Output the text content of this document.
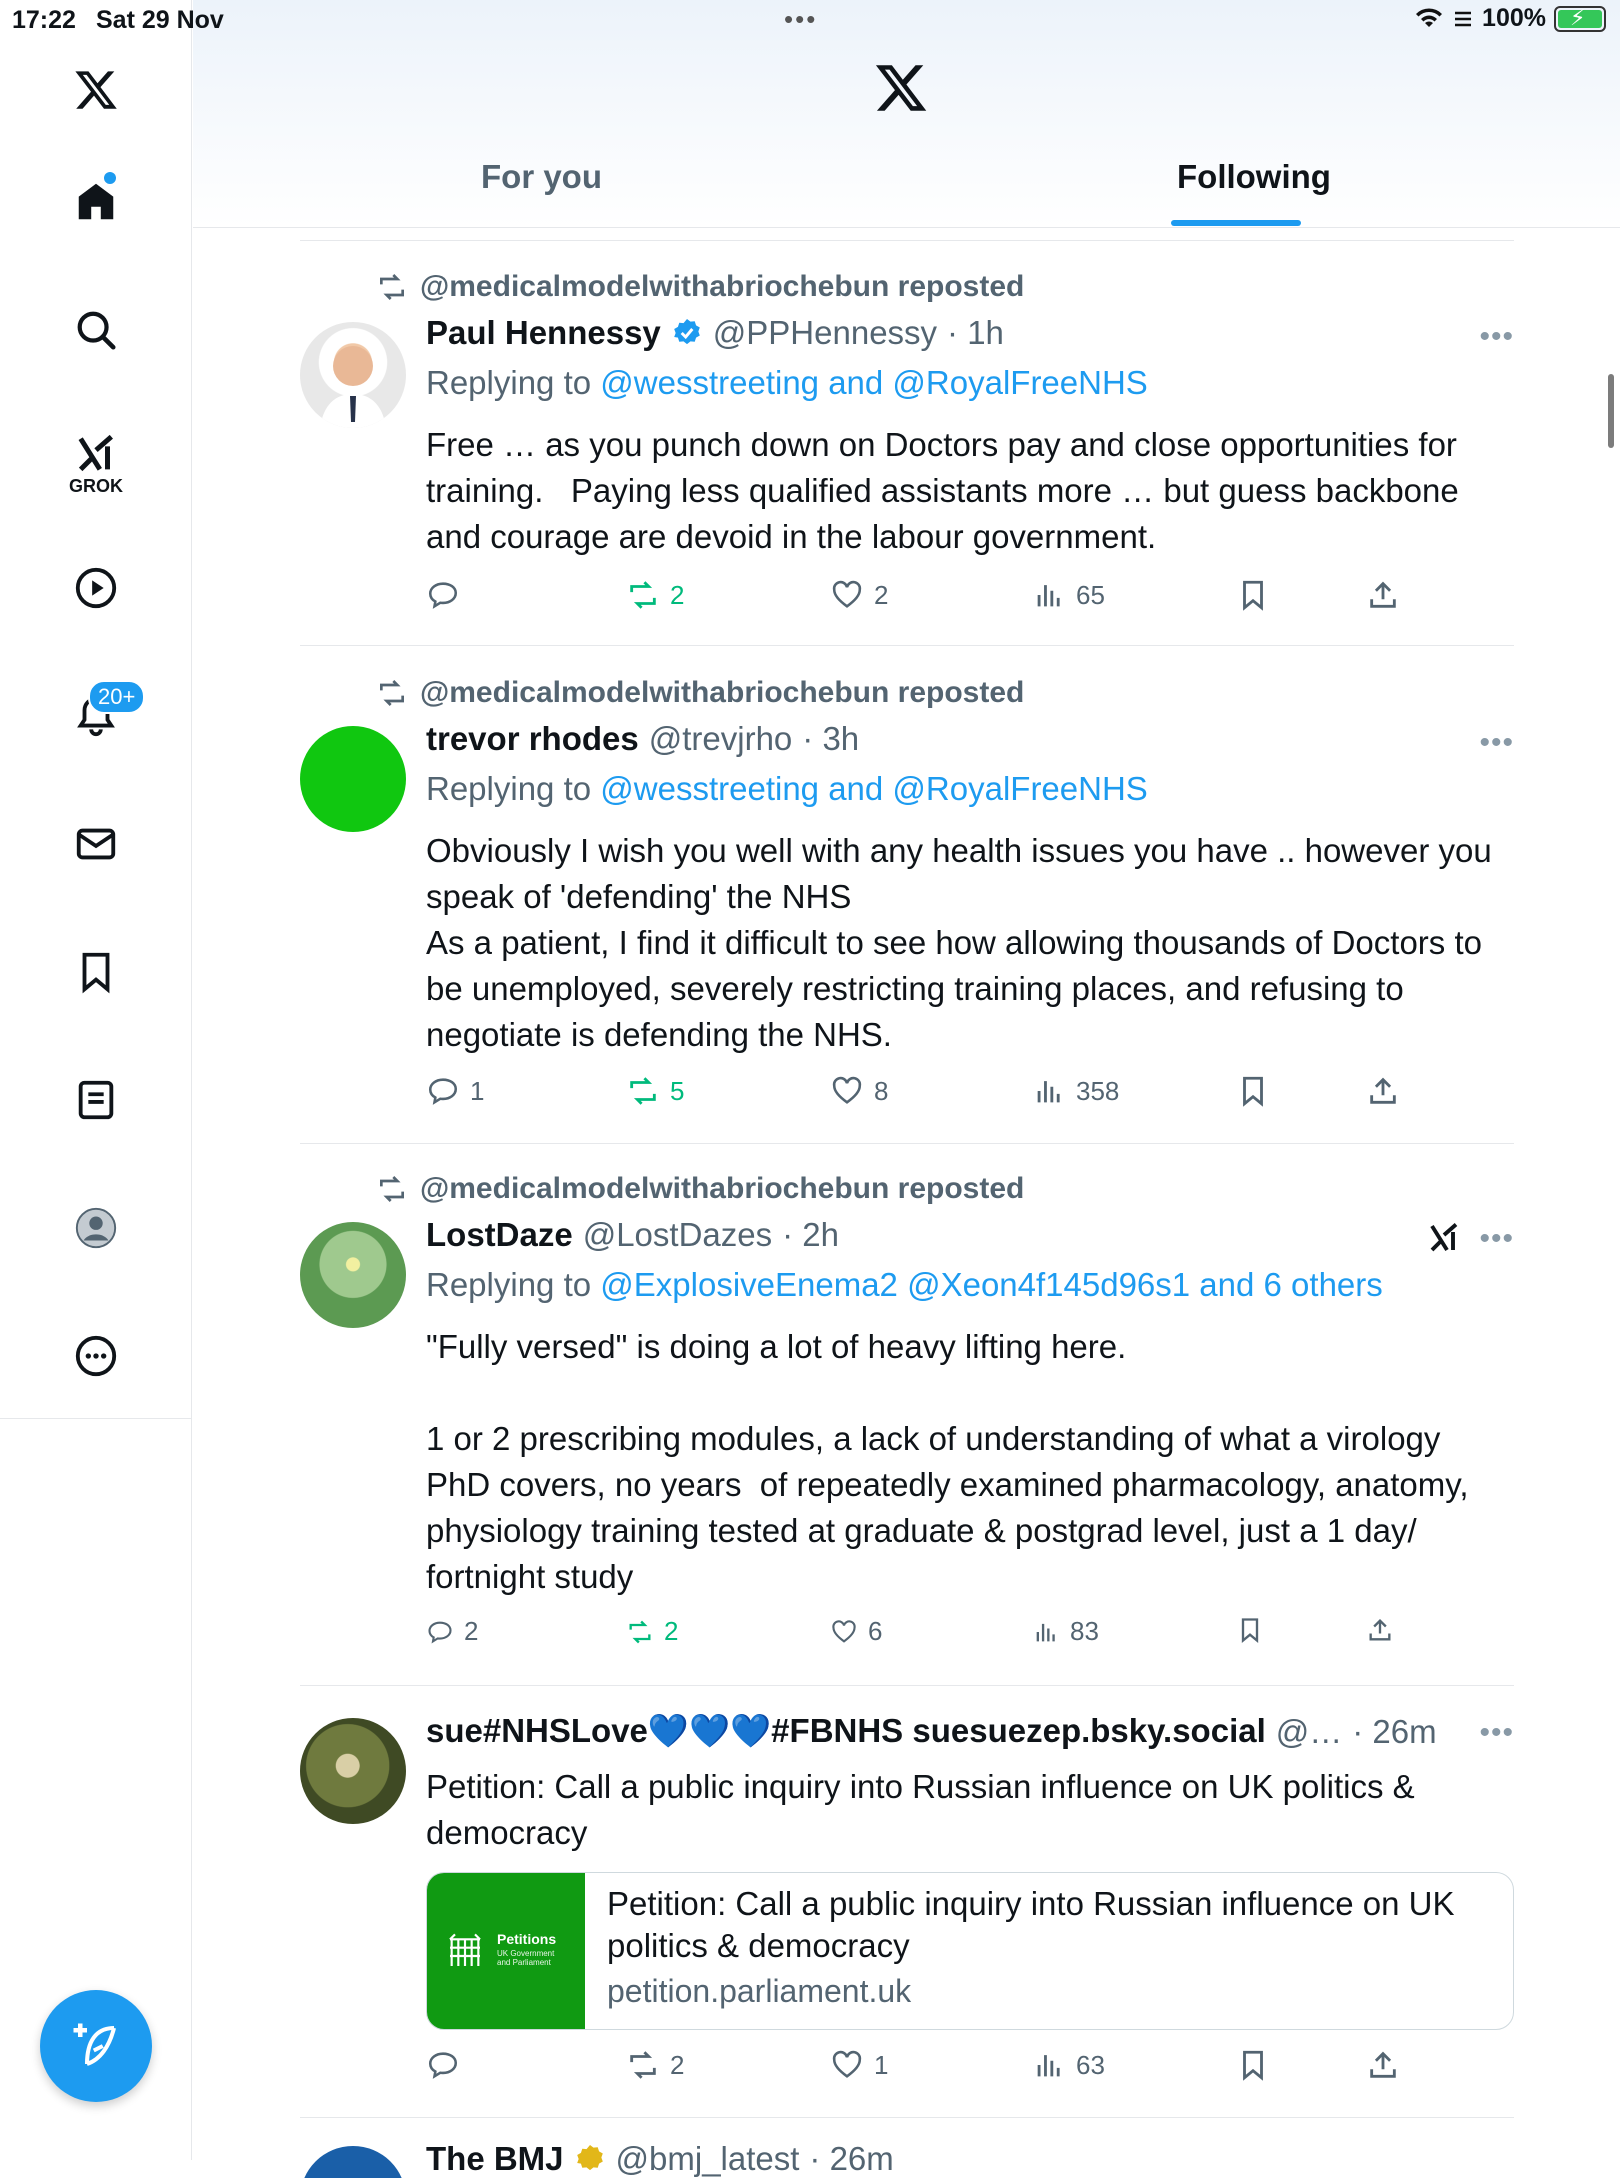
17:22 Sat 29 Nov	•••	100% ⚡
GROK
20+
For you	Following
@medicalmodelwithabriochebun reposted
Paul Hennessy @PPHennessy · 1h	•••
Replying to @wesstreeting and @RoyalFreeNHS
Free … as you punch down on Doctors pay and close opportunities for training.   Paying less qualified assistants more … but guess backbone and courage are devoid in the labour government.
2	2	65
@medicalmodelwithabriochebun reposted
trevor rhodes @trevjrho · 3h	•••
Replying to @wesstreeting and @RoyalFreeNHS
Obviously I wish you well with any health issues you have .. however you speak of 'defending' the NHS
As a patient, I find it difficult to see how allowing thousands of Doctors to be unemployed, severely restricting training places, and refusing to negotiate is defending the NHS.
1	5	8	358
@medicalmodelwithabriochebun reposted
LostDaze @LostDazes · 2h	•••
Replying to @ExplosiveEnema2 @Xeon4f145d96s1 and 6 others
"Fully versed" is doing a lot of heavy lifting here.

1 or 2 prescribing modules, a lack of understanding of what a virology PhD covers, no years  of repeatedly examined pharmacology, anatomy, physiology training tested at graduate & postgrad level, just a 1 day/ fortnight study
2	2	6	83
sue#NHSLove💙💙💙#FBNHS suesuezep.bsky.social @… · 26m •••
Petition: Call a public inquiry into Russian influence on UK politics & democracy
Petitions
UK Government and Parliament
Petition: Call a public inquiry into Russian influence on UK politics & democracy
petition.parliament.uk
2	1	63
The BMJ @bmj_latest · 26m
